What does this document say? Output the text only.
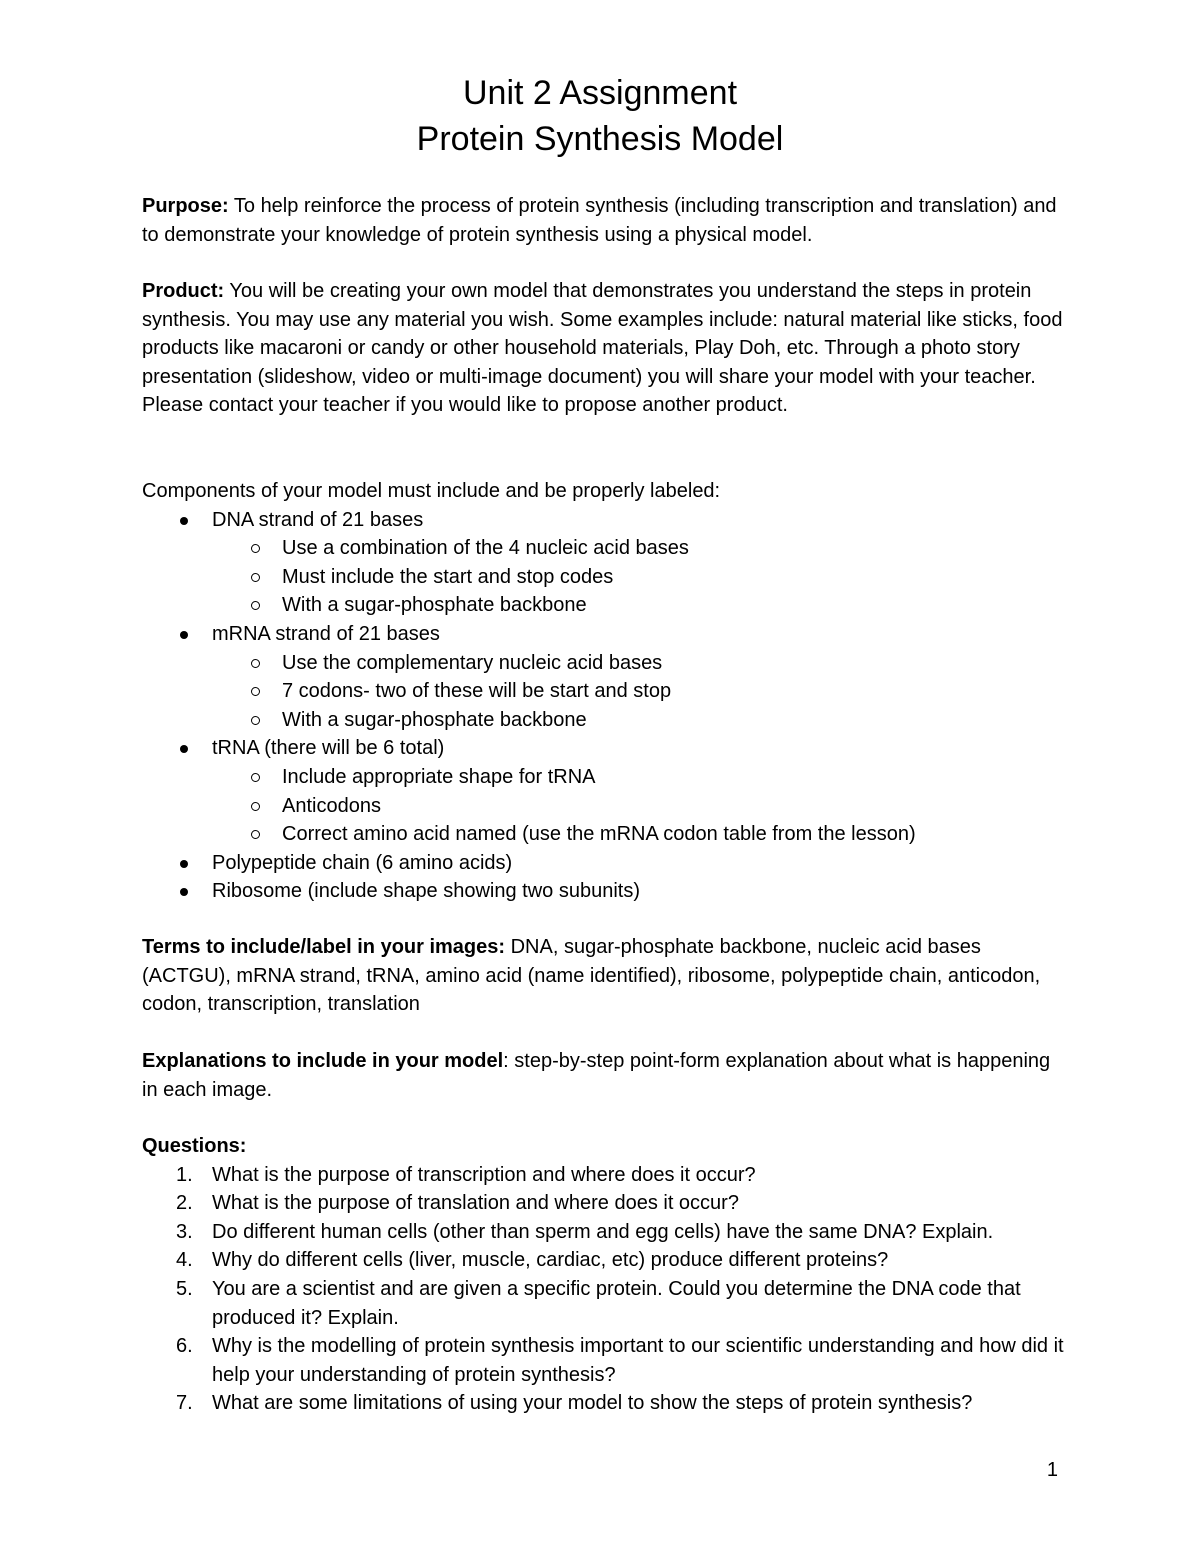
Unit 2 Assignment
Protein Synthesis Model
Purpose: To help reinforce the process of protein synthesis (including transcription and translation) and to demonstrate your knowledge of protein synthesis using a physical model.
Product: You will be creating your own model that demonstrates you understand the steps in protein synthesis. You may use any material you wish. Some examples include: natural material like sticks, food products like macaroni or candy or other household materials, Play Doh, etc. Through a photo story presentation (slideshow, video or multi-image document) you will share your model with your teacher. Please contact your teacher if you would like to propose another product.
Components of your model must include and be properly labeled:
DNA strand of 21 bases
Use a combination of the 4 nucleic acid bases
Must include the start and stop codes
With a sugar-phosphate backbone
mRNA strand of 21 bases
Use the complementary nucleic acid bases
7 codons- two of these will be start and stop
With a sugar-phosphate backbone
tRNA (there will be 6 total)
Include appropriate shape for tRNA
Anticodons
Correct amino acid named (use the mRNA codon table from the lesson)
Polypeptide chain (6 amino acids)
Ribosome (include shape showing two subunits)
Terms to include/label in your images: DNA, sugar-phosphate backbone, nucleic acid bases (ACTGU), mRNA strand, tRNA, amino acid (name identified), ribosome, polypeptide chain, anticodon, codon, transcription, translation
Explanations to include in your model: step-by-step point-form explanation about what is happening in each image.
Questions:
1. What is the purpose of transcription and where does it occur?
2. What is the purpose of translation and where does it occur?
3. Do different human cells (other than sperm and egg cells) have the same DNA? Explain.
4. Why do different cells (liver, muscle, cardiac, etc) produce different proteins?
5. You are a scientist and are given a specific protein. Could you determine the DNA code that produced it? Explain.
6. Why is the modelling of protein synthesis important to our scientific understanding and how did it help your understanding of protein synthesis?
7. What are some limitations of using your model to show the steps of protein synthesis?
1
